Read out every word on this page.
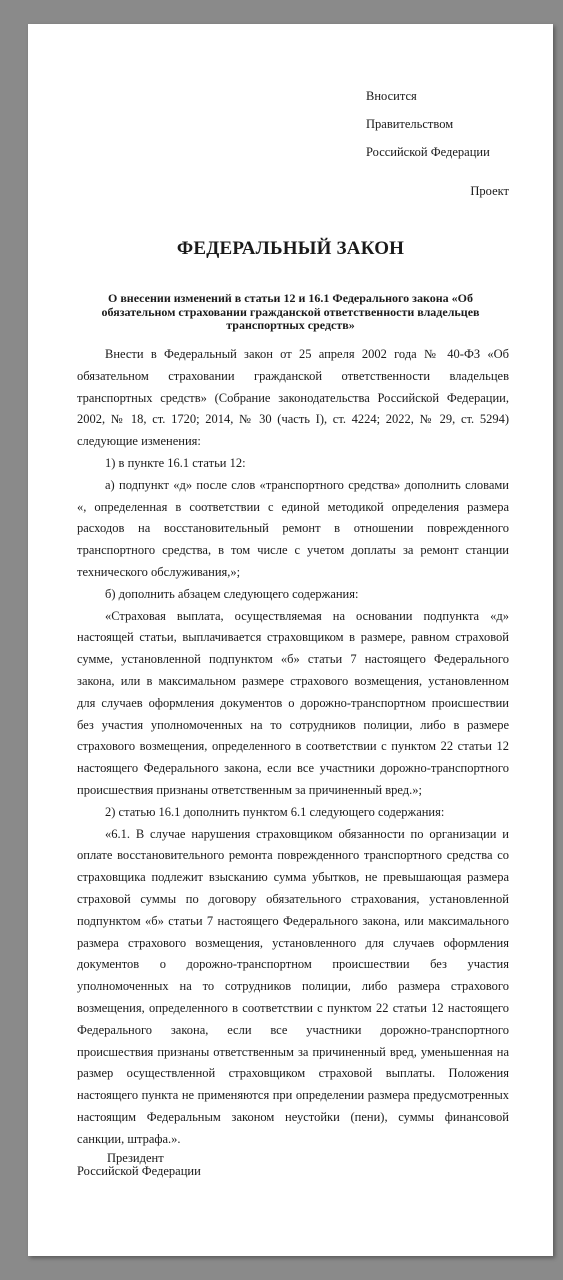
Вносится
Правительством
Российской Федерации
Проект
ФЕДЕРАЛЬНЫЙ ЗАКОН
О внесении изменений в статьи 12 и 16.1 Федерального закона «Об обязательном страховании гражданской ответственности владельцев транспортных средств»

Внести в Федеральный закон от 25 апреля 2002 года № 40-ФЗ «Об обязательном страховании гражданской ответственности владельцев транспортных средств» (Собрание законодательства Российской Федерации, 2002, № 18, ст. 1720; 2014, № 30 (часть I), ст. 4224; 2022, № 29, ст. 5294) следующие изменения:

1) в пункте 16.1 статьи 12:

а) подпункт «д» после слов «транспортного средства» дополнить словами «, определенная в соответствии с единой методикой определения размера расходов на восстановительный ремонт в отношении поврежденного транспортного средства, в том числе с учетом доплаты за ремонт станции технического обслуживания,»;

б) дополнить абзацем следующего содержания:

«Страховая выплата, осуществляемая на основании подпункта «д» настоящей статьи, выплачивается страховщиком в размере, равном страховой сумме, установленной подпунктом «б» статьи 7 настоящего Федерального закона, или в максимальном размере страхового возмещения, установленном для случаев оформления документов о дорожно-транспортном происшествии без участия уполномоченных на то сотрудников полиции, либо в размере страхового возмещения, определенного в соответствии с пунктом 22 статьи 12 настоящего Федерального закона, если все участники дорожно-транспортного происшествия признаны ответственным за причиненный вред.»;

2) статью 16.1 дополнить пунктом 6.1 следующего содержания:

«6.1. В случае нарушения страховщиком обязанности по организации и оплате восстановительного ремонта поврежденного транспортного средства со страховщика подлежит взысканию сумма убытков, не превышающая размера страховой суммы по договору обязательного страхования, установленной подпунктом «б» статьи 7 настоящего Федерального закона, или максимального размера страхового возмещения, установленного для случаев оформления документов о дорожно-транспортном происшествии без участия уполномоченных на то сотрудников полиции, либо размера страхового возмещения, определенного в соответствии с пунктом 22 статьи 12 настоящего Федерального закона, если все участники дорожно-транспортного происшествия признаны ответственным за причиненный вред, уменьшенная на размер осуществленной страховщиком страховой выплаты. Положения настоящего пункта не применяются при определении размера предусмотренных настоящим Федеральным законом неустойки (пени), суммы финансовой санкции, штрафа.».

Президент
Российской Федерации
